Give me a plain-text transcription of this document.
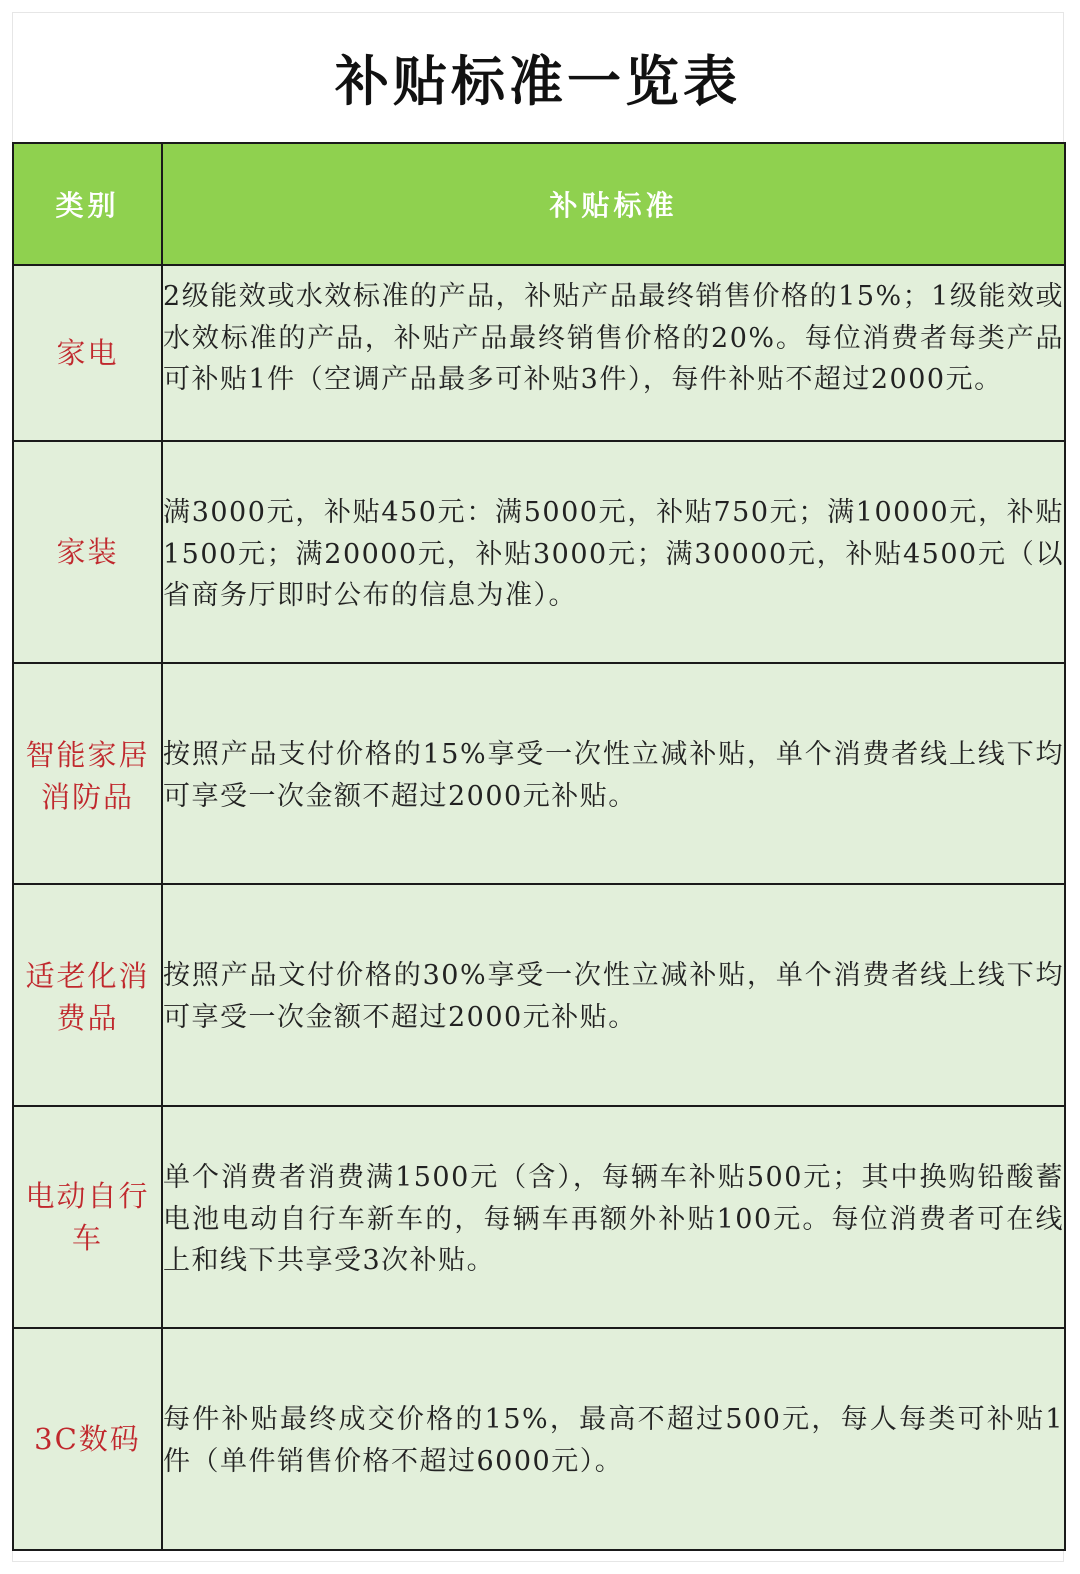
补贴标准一览表
类别	补贴标准
家电	2级能效或水效标准的产品，补贴产品最终销售价格的15%；1级能效或水效标准的产品，补贴产品最终销售价格的20%。每位消费者每类产品可补贴1件（空调产品最多可补贴3件），每件补贴不超过2000元。

家装	满3000元，补贴450元：满5000元，补贴750元；满10000元，补贴1500元；满20000元，补贴3000元；满30000元，补贴4500元（以省商务厅即时公布的信息为准）。

智能家居消防品	按照产品支付价格的15%享受一次性立减补贴，单个消费者线上线下均可享受一次金额不超过2000元补贴。

适老化消费品	按照产品文付价格的30%享受一次性立减补贴，单个消费者线上线下均可享受一次金额不超过2000元补贴。

电动自行车	单个消费者消费满1500元（含），每辆车补贴500元；其中换购铅酸蓄电池电动自行车新车的，每辆车再额外补贴100元。每位消费者可在线上和线下共享受3次补贴。

3C数码	每件补贴最终成交价格的15%，最高不超过500元，每人每类可补贴1件（单件销售价格不超过6000元）。
